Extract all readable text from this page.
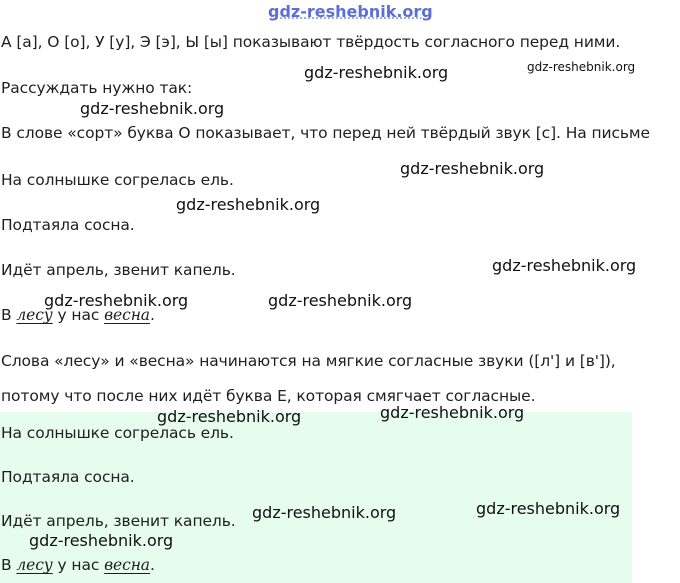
gdz-reshebnik.org
А [а], О [о], У [у], Э [э], Ы [ы] показывают твёрдость согласного перед ними.
Рассуждать нужно так:
В слове «сорт» буква О показывает, что перед ней твёрдый звук [с]. На письме
На солнышке согрелась ель.
Подтаяла сосна.
Идёт апрель, звенит капель.
В лесу у нас весна.
Слова «лесу» и «весна» начинаются на мягкие согласные звуки ([л'] и [в']),
потому что после них идёт буква Е, которая смягчает согласные.
На солнышке согрелась ель.
Подтаяла сосна.
Идёт апрель, звенит капель.
В лесу у нас весна.
gdz-reshebnik.org	gdz-reshebnik.org
gdz-reshebnik.org
gdz-reshebnik.org
gdz-reshebnik.org
gdz-reshebnik.org
gdz-reshebnik.org	gdz-reshebnik.org
gdz-reshebnik.org	gdz-reshebnik.org
gdz-reshebnik.org	gdz-reshebnik.org
gdz-reshebnik.org
